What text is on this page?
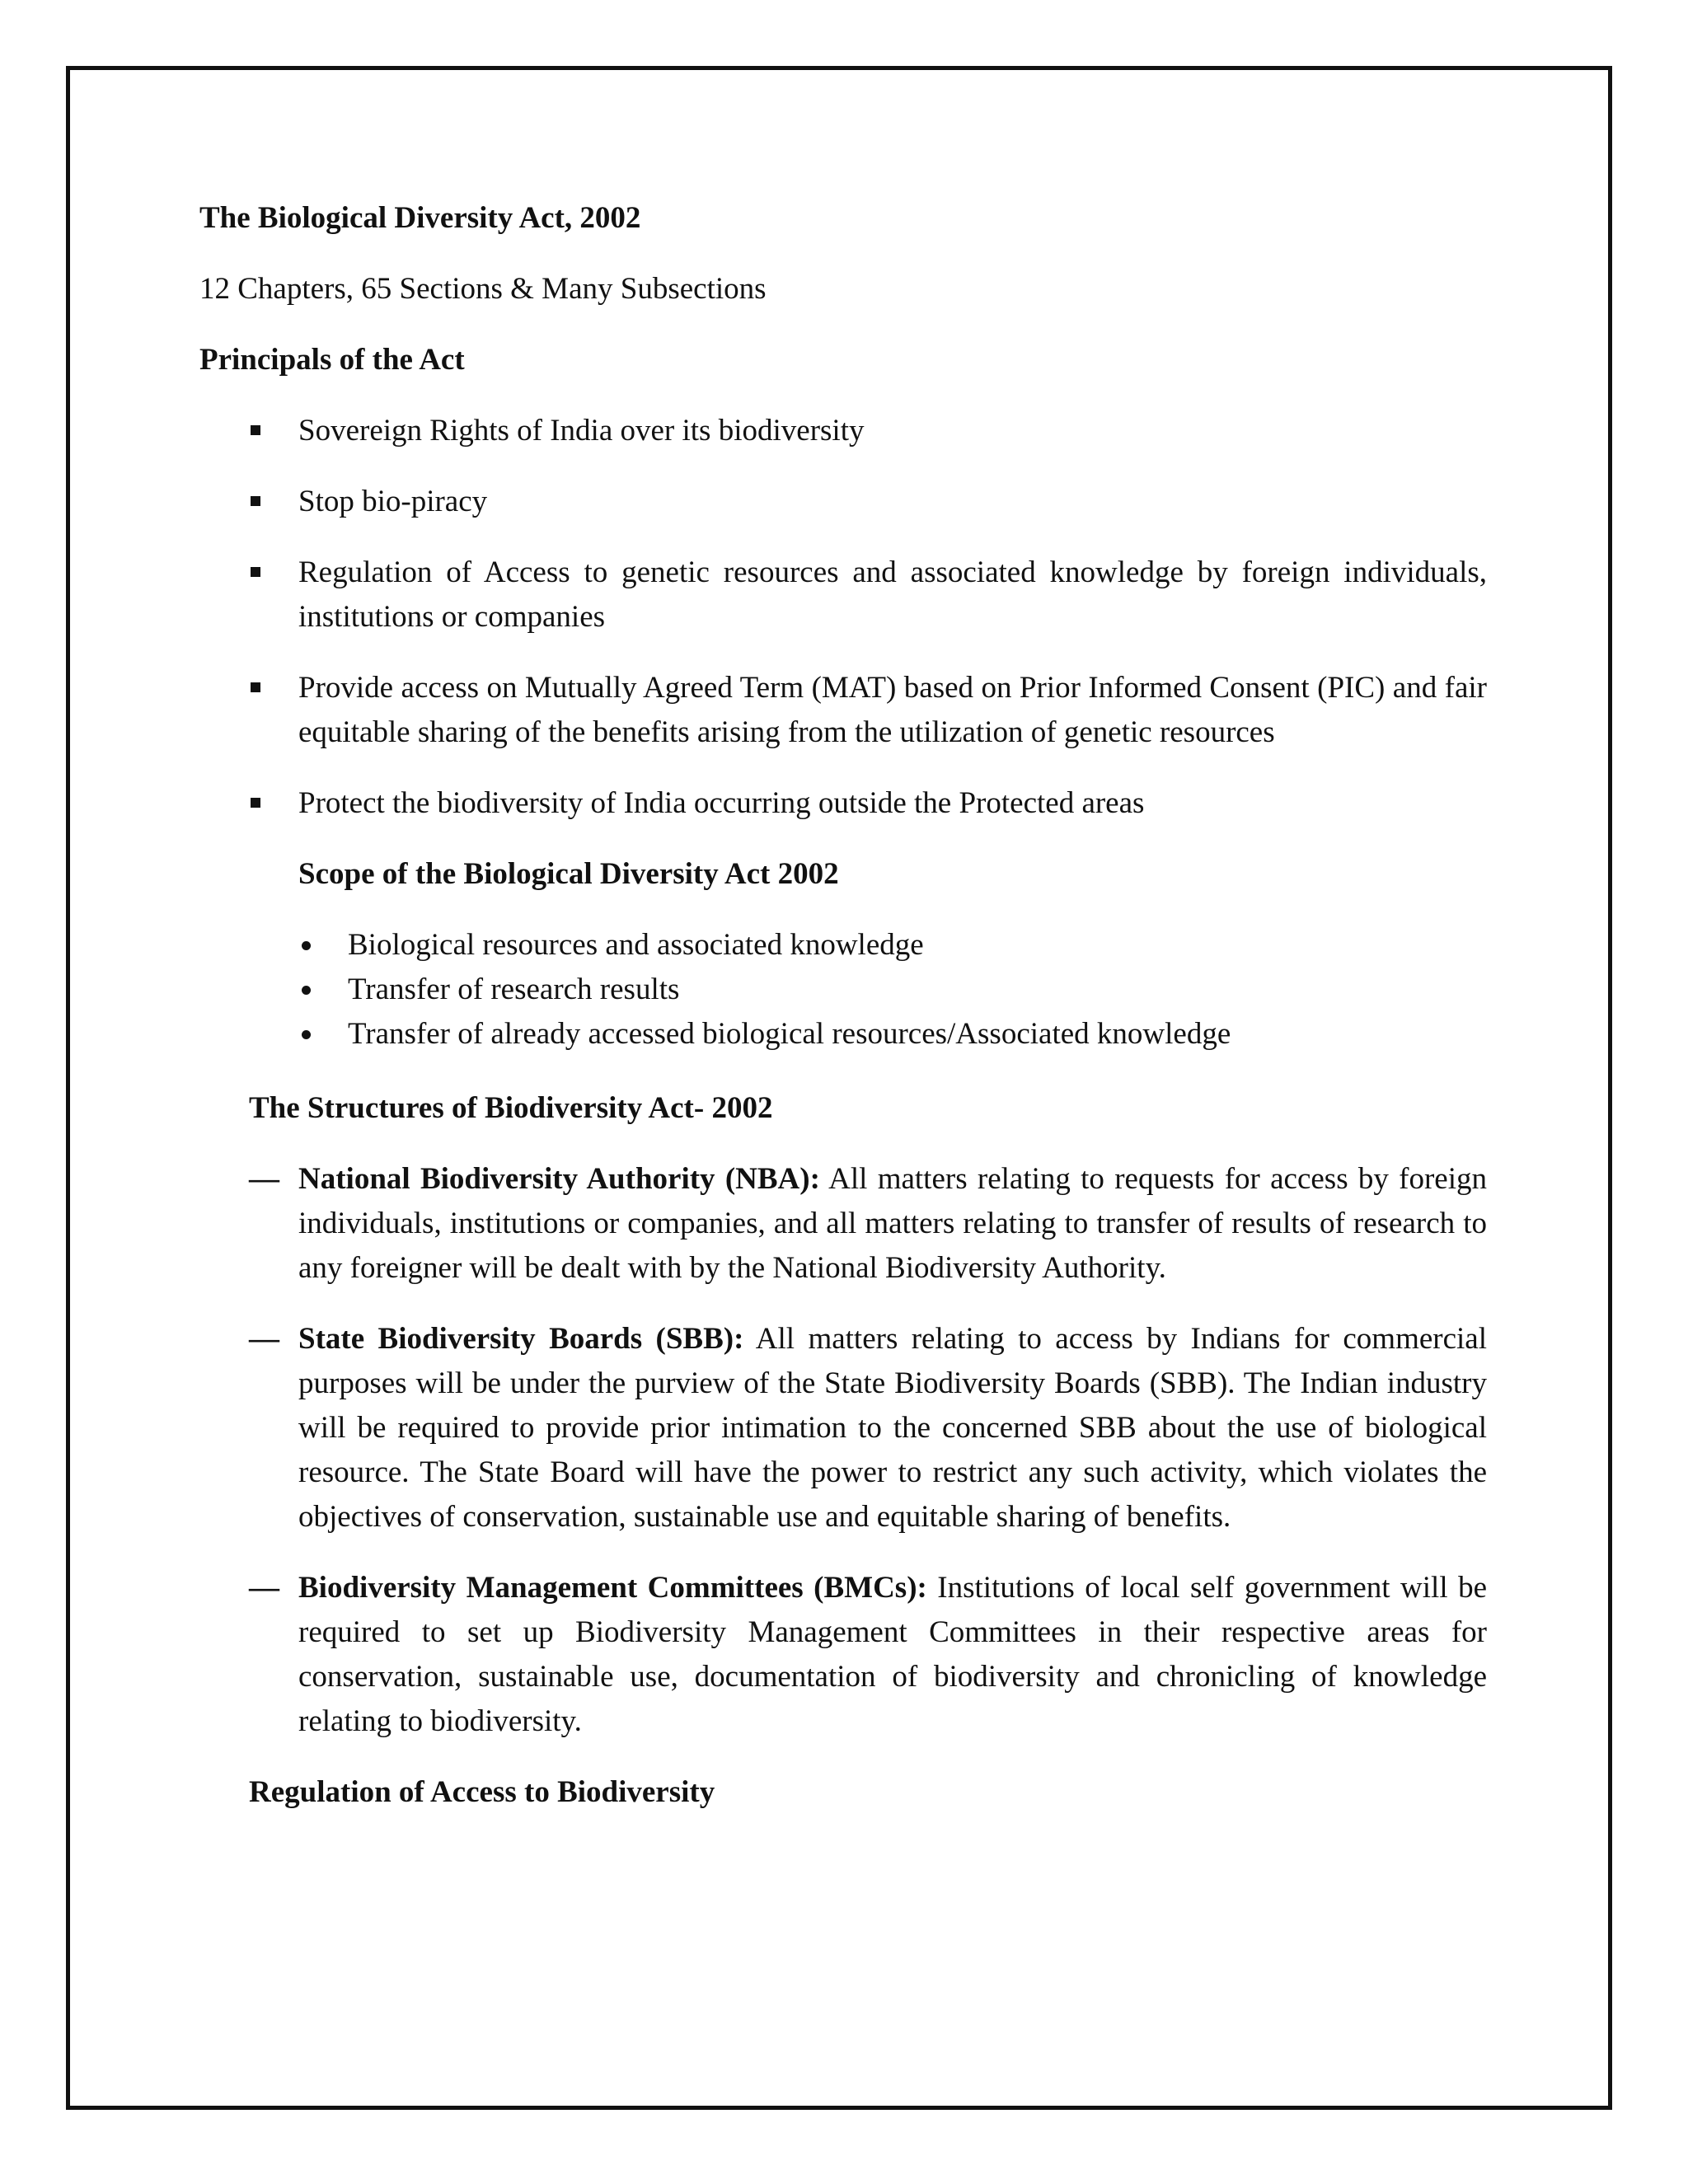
The Biological Diversity Act, 2002

12 Chapters, 65 Sections & Many Subsections

Principals of the Act

Sovereign Rights of India over its biodiversity
Stop bio-piracy
Regulation of Access to genetic resources and associated knowledge by foreign individuals, institutions or companies
Provide access on Mutually Agreed Term (MAT) based on Prior Informed Consent (PIC) and fair equitable sharing of the benefits arising from the utilization of genetic resources
Protect the biodiversity of India occurring outside the Protected areas

Scope of the Biological Diversity Act 2002

Biological resources and associated knowledge
Transfer of research results
Transfer of already accessed biological resources/Associated knowledge

The Structures of Biodiversity Act- 2002

— National Biodiversity Authority (NBA): All matters relating to requests for access by foreign individuals, institutions or companies, and all matters relating to transfer of results of research to any foreigner will be dealt with by the National Biodiversity Authority.
— State Biodiversity Boards (SBB): All matters relating to access by Indians for commercial purposes will be under the purview of the State Biodiversity Boards (SBB). The Indian industry will be required to provide prior intimation to the concerned SBB about the use of biological resource. The State Board will have the power to restrict any such activity, which violates the objectives of conservation, sustainable use and equitable sharing of benefits.
— Biodiversity Management Committees (BMCs): Institutions of local self government will be required to set up Biodiversity Management Committees in their respective areas for conservation, sustainable use, documentation of biodiversity and chronicling of knowledge relating to biodiversity.

Regulation of Access to Biodiversity
